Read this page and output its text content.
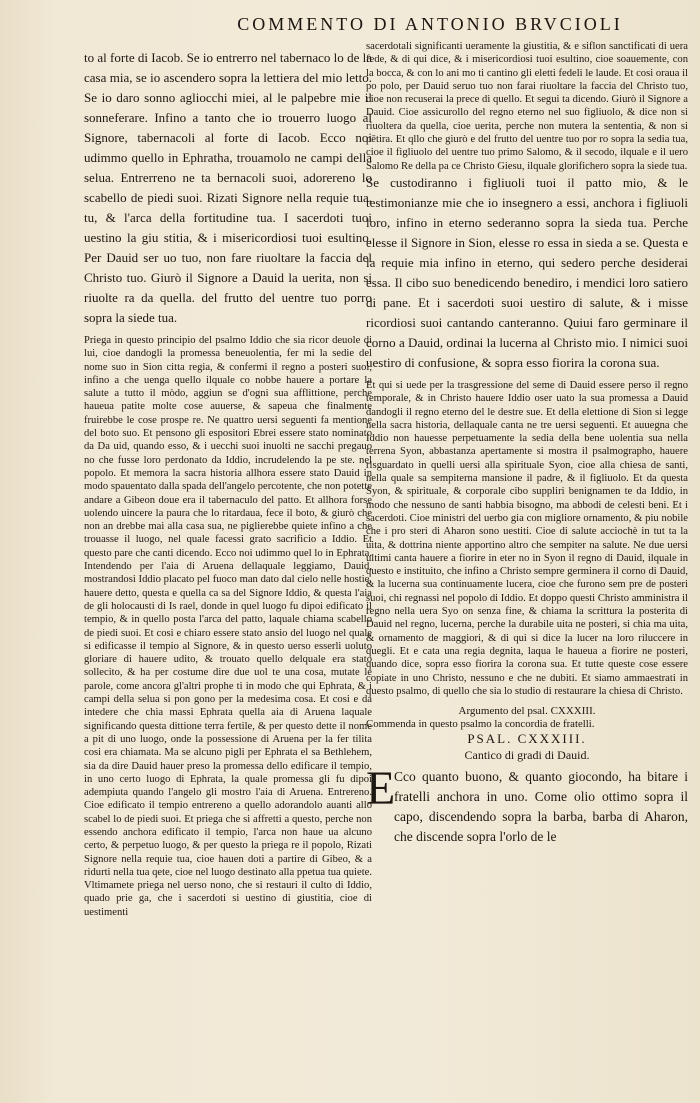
COMMENTO DI ANTONIO BRVCIOLI

to al forte di Iacob. Se io entrerro nel tabernaco lo de la casa mia, se io ascendero sopra la lettiera del mio letto. Se io daro sonno agliocchi miei, al le palpebre mie il sonneferare. Infino a tanto che io trouerro luogo al Signore, tabernacoli al forte di Iacob. Ecco noi udimmo quello in Ephratha, trouamolo ne campi della selua. Entrerreno ne ta bernacoli suoi, adorereno lo scabello de piedi suoi. Rizati Signore nella requie tua, tu, & l'arca della fortitudine tua. I sacerdoti tuoi uestino la giu stitia, & i misericordiosi tuoi esultino. Per Dauid ser uo tuo, non fare riuoltare la faccia del Christo tuo. Giurò il Signore a Dauid la uerita, non si riuolte ra da quella. del frutto del uentre tuo porro sopra la siede tua.

Priega in questo principio del psalmo Iddio che sia ricor deuole di lui, cioe dandogli la promessa beneuolentia, fer mi la sedie del nome suo in Sion citta regia, & confermi il regno a posteri suoi, infino a che uenga quello ilquale co nobbe hauere a portare la salute a tutto il mòdo, aggiun se d'ogni sua afflittione, perche haueua patite molte cose auuerse, & sapeua che finalmente fruirebbe le cose prospe re. Ne quattro uersi seguenti fa mentione del boto suo. Et pensono gli espositori Ebrei essere stato nominato da Da uid, quando esso, & i uecchi suoi inuolti ne sacchi pregauo no che fusse loro perdonato da Iddio, incrudelendo la pe ste. nel popolo. Et memora la sacra historia allhora essere stato Dauid in modo spauentato dalla spada dell'angelo percotente, che non potette andare a Gibeon doue era il tabernaculo del patto. Et allhora forse uolendo uincere la paura che lo ritardaua, fece il boto, & giurò che non an drebbe mai alla casa sua, ne piglierebbe quiete infino a che trouasse il luogo, nel quale facessi grato sacrificio a Iddio. Et questo pare che canti dicendo. Ecco noi udimmo quel lo in Ephrata. Intendendo per l'aia di Aruena dellaquale leggiamo, Dauid, mostrandosi Iddio placato pel fuoco man dato dal cielo nelle hostie, hauere detto, questa e quella ca sa del Signore Iddio, & questa l'aia de gli holocausti di Is rael, donde in quel luogo fu dipoi edificato il tempio, & in quello posta l'arca del patto, laquale chiama scabello de piedi suoi. Et cosi e chiaro essere stato ansio del luogo nel quale si edificasse il tempio al Signore, & in questo uerso esserli uoluto gloriare di hauere udito, & trouato quello delquale era stato sollecito, & ha per costume dire due uol te una cosa, mutate le parole, come ancora gl'altri prophe ti in modo che qui Ephrata, & i campi della selua si pon gono per la medesima cosa. Et cosi e da intedere che chia massi Ephrata quella aia di Aruena laquale significando questa dittione terra fertile, & per questo dette il nome a pit di uno luogo, onde la possessione di Aruena per la fer tilita cosi era chiamata. Ma se alcuno pigli per Ephrata el sa Bethlehem, sia da dire Dauid hauer preso la promessa dello edificare il tempio, in uno certo luogo di Ephrata, la quale promessa gli fu dipoi adempiuta quando l'angelo gli mostro l'aia di Aruena. Entrereno. Cioe edificato il tempio entrereno a quello adorandolo auanti allo scabel lo de piedi suoi. Et priega che si affretti a questo, perche non essendo anchora edificato il tempio, l'arca non haue ua alcuno certo, & perpetuo luogo, & per questo la priega re il popolo, Rizati Signore nella requie tua, cioe hauen doti a partire di Gibeo, & a ridurti nella tua qete, cioe nel luogo destinato alla ppetua tua quiete. Vltimamete priega nel uerso nono, che si restauri il culto di Iddio, quado prie ga, che i sacerdoti si uestino di giustitia, cioe di uestimenti

sacerdotali significanti ueramente la giustitia, & e siflon sanctificati di uera fede, & di qui dice, & i misericordiosi tuoi esultino, cioe soauemente, con la bocca, & con lo ani mo ti cantino gli eletti fedeli le laude. Et cosi oraua il po polo, per Dauid seruo tuo non farai riuoltare la faccia del Christo tuo, cioe non recuserai la prece di quello. Et segui ta dicendo. Giurò il Signore a Dauid. Cioe assicurollo del regno eterno nel suo figliuolo, & dice non si riuoltera da quella, cioe uerita, perche non mutera la sententia, & non si pētira. Et qllo che giurò e del frutto del uentre tuo por ro sopra la sedia tua, cioe il figliuolo del uentre tuo primo Salomo, & il secodo, ilquale e il uero Salomo Re della pa ce Christo Giesu, ilquale glorifichero sopra la siede tua.

Se custodiranno i figliuoli tuoi il patto mio, & le testimonianze mie che io insegnero a essi, anchora i figliuoli loro, infino in eterno sederanno sopra la sieda tua. Perche elesse il Signore in Sion, elesse ro essa in sieda a se. Questa e la requie mia infino in eterno, qui sedero perche desiderai essa. Il cibo suo benedicendo benediro, i mendici loro satiero di pane. Et i sacerdoti suoi uestiro di salute, & i misse ricordiosi suoi cantando canteranno. Quiui faro germinare il corno a Dauid, ordinai la lucerna al Christo mio. I nimici suoi uestiro di confusione, & sopra esso fiorira la corona sua.

Et qui si uede per la trasgressione del seme di Dauid essere perso il regno temporale, & in Christo hauere Iddio oser uato la sua promessa a Dauid dandogli il regno eterno del le destre sue. Et della elettione di Sion si legge nella sacra historia, dellaquale canta ne tre uersi seguenti. Et auuegna che Iddio non hauesse perpetuamente la sedia della bene uolentia sua nella terrena Syon, abbastanza apertamente si mostra il psalmographo, hauere risguardato in quelli uersi alla spirituale Syon, cioe alla chiesa de santi, nella quale sa sempiterna mansione il padre, & il figliuolo. Et da questa Syon, & spirituale, & corporale cibo suppliri benignamen te da Iddio, in modo che nessuno de santi habbia bisogno, ma abbodi de celesti beni. Et i sacerdoti. Cioe ministri del uerbo gia con migliore ornamento, & piu nobile che i pro steri di Aharon sono uestiti. Cioe di salute acciochè in tut ta la uita, & dottrina niente apportino altro che sempiter na salute. Ne due uersi ultimi canta hauere a fiorire in eter no in Syon il regno di Dauid, ilquale in questo e instituito, che infino a Christo sempre germinera il corno di Dauid, & la lucerna sua continuamente lucera, cioe che furono sem pre de posteri suoi, chi regnassi nel popolo di Iddio. Et doppo questi Christo amministra il regno nella uera Syo on senza fine, & chiama la scrittura la posterita di Dauid nel regno, lucerna, perche la durabile uita ne posteri, si chia ma uita, & ornamento de maggiori, & di qui si dice la lucer na loro riluccere in quegli. Et e cata una regia degnita, laqua le haueua a fiorire ne posteri, quando dice, sopra esso fiorira la corona sua. Et tutte queste cose essere copiate in uno Christo, nessuno e che ne dubiti. Et siamo ammaestrati in questo psalmo, di quello che sia lo studio di restaurare la chiesa di Christo.

Argumento del psal. CXXXIII.

Commenda in questo psalmo la concordia de fratelli.

PSAL. CXXXIII.

Cantico di gradi di Dauid.

E
Cco quanto buono, & quanto giocondo, ha bitare i fratelli anchora in uno. Come olio ottimo sopra il capo, discendendo sopra la barba, barba di Aharon, che discende sopra l'orlo de le
